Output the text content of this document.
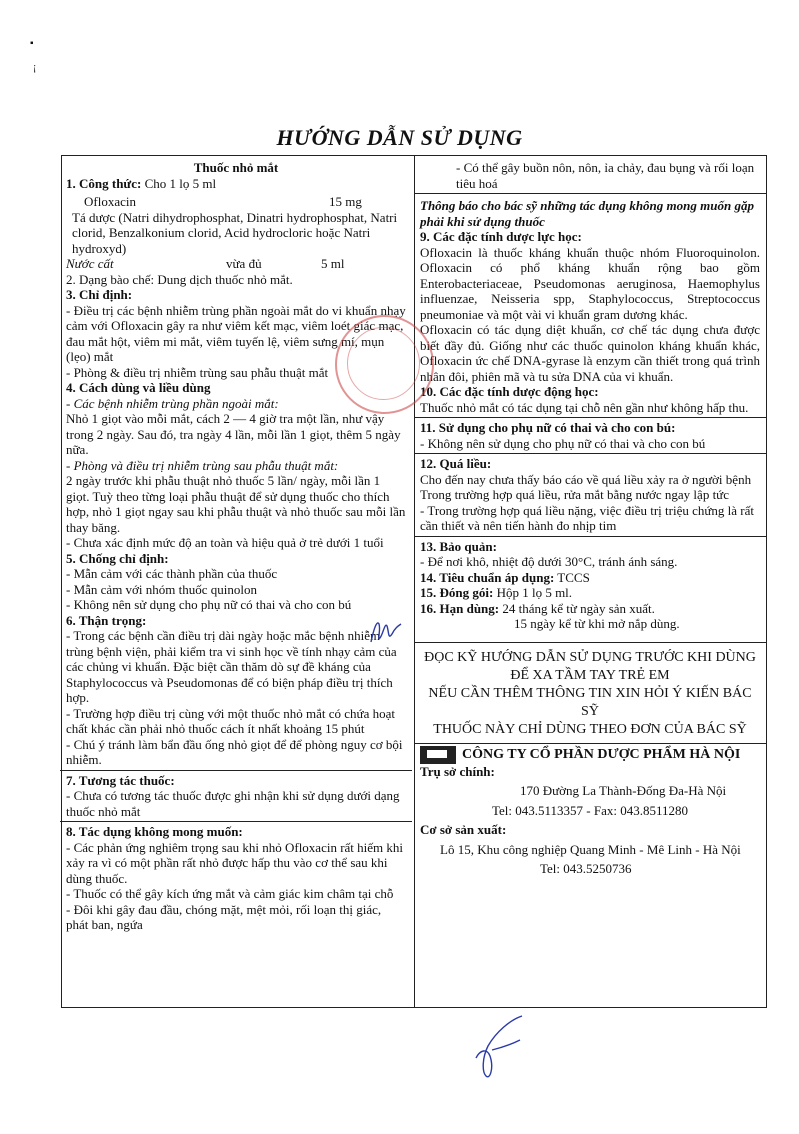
▪
¡
HƯỚNG DẪN SỬ DỤNG
Thuốc nhỏ mắt
1. Công thức: Cho 1 lọ 5 ml
Ofloxacin	15 mg

Tá dược (Natri dihydrophosphat, Dinatri hydrophosphat, Natri clorid, Benzalkonium clorid, Acid hydrocloric hoặc Natri hydroxyd)

Nước cất	vừa đủ	5 ml
2. Dạng bào chế: Dung dịch thuốc nhỏ mắt.
3. Chỉ định:

- Điều trị các bệnh nhiễm trùng phần ngoài mắt do vi khuẩn nhạy cảm với Ofloxacin gây ra như viêm kết mạc, viêm loét giác mạc, đau mắt hột, viêm mi mắt, viêm tuyến lệ, viêm sưng mí, mụn (lẹo) mắt

- Phòng & điều trị nhiễm trùng sau phẫu thuật mắt

4. Cách dùng và liều dùng
- Các bệnh nhiễm trùng phần ngoài mắt:

Nhỏ 1 giọt vào mỗi mắt, cách 2 — 4 giờ tra một lần, như vậy trong 2 ngày. Sau đó, tra ngày 4 lần, mỗi lần 1 giọt, thêm 5 ngày nữa.

- Phòng và điều trị nhiễm trùng sau phẫu thuật mắt:

2 ngày trước khi phẫu thuật nhỏ thuốc 5 lần/ ngày, mỗi lần 1 giọt. Tuỳ theo từng loại phẫu thuật để sử dụng thuốc cho thích hợp, nhỏ 1 giọt ngay sau khi phẫu thuật và nhỏ thuốc sau mỗi lần thay băng.

- Chưa xác định mức độ an toàn và hiệu quả ở trẻ dưới 1 tuổi

5. Chống chỉ định:

- Mẫn cảm với các thành phần của thuốc

- Mẫn cảm với nhóm thuốc quinolon

- Không nên sử dụng cho phụ nữ có thai và cho con bú

6. Thận trọng:

- Trong các bệnh cần điều trị dài ngày hoặc mắc bệnh nhiễm trùng bệnh viện, phải kiểm tra vi sinh học về tính nhạy cảm của các chủng vi khuẩn. Đặc biệt cần thăm dò sự đề kháng của Staphylococcus và Pseudomonas để có biện pháp điều trị thích hợp.

- Trường hợp điều trị cùng với một thuốc nhỏ mắt có chứa hoạt chất khác cần phải nhỏ thuốc cách ít nhất khoảng 15 phút

- Chú ý tránh làm bẩn đầu ống nhỏ giọt để để phòng nguy cơ bội nhiễm.

7. Tương tác thuốc:

- Chưa có tương tác thuốc được ghi nhận khi sử dụng dưới dạng thuốc nhỏ mắt

8. Tác dụng không mong muốn:

- Các phản ứng nghiêm trọng sau khi nhỏ Ofloxacin rất hiếm khi xảy ra vì có một phần rất nhỏ được hấp thu vào cơ thể sau khi dùng thuốc.

- Thuốc có thể gây kích ứng mắt và cảm giác kim châm tại chỗ

- Đôi khi gây đau đầu, chóng mặt, mệt mỏi, rối loạn thị giác, phát ban, ngứa

- Có thể gây buồn nôn, nôn, ỉa chảy, đau bụng và rối loạn tiêu hoá

Thông báo cho bác sỹ những tác dụng không mong muốn gặp phải khi sử dụng thuốc

9. Các đặc tính dược lực học:

Ofloxacin là thuốc kháng khuẩn thuộc nhóm Fluoroquinolon. Ofloxacin có phổ kháng khuẩn rộng bao gồm Enterobacteriaceae, Pseudomonas aeruginosa, Haemophylus influenzae, Neisseria spp, Staphylococcus, Streptococcus pneumoniae và một vài vi khuẩn gram dương khác.

Ofloxacin có tác dụng diệt khuẩn, cơ chế tác dụng chưa được biết đầy đủ. Giống như các thuốc quinolon kháng khuẩn khác, Ofloxacin ức chế DNA-gyrase là enzym cần thiết trong quá trình nhân đôi, phiên mã và tu sửa DNA của vi khuẩn.

10. Các đặc tính dược động học:

Thuốc nhỏ mắt có tác dụng tại chỗ nên gần như không hấp thu.

11. Sử dụng cho phụ nữ có thai và cho con bú:

- Không nên sử dụng cho phụ nữ có thai và cho con bú

12. Quá liều:

Cho đến nay chưa thấy báo cáo về quá liều xảy ra ở người bệnh

Trong trường hợp quá liều, rửa mắt bằng nước ngay lập tức

- Trong trường hợp quá liều nặng, việc điều trị triệu chứng là rất cần thiết và nên tiến hành đo nhịp tim

13. Bảo quản:

- Để nơi khô, nhiệt độ dưới 30°C, tránh ánh sáng.

14. Tiêu chuẩn áp dụng: TCCS
15. Đóng gói: Hộp 1 lọ 5 ml.
16. Hạn dùng: 24 tháng kể từ ngày sản xuất.
15 ngày kể từ khi mở nắp dùng.
ĐỌC KỸ HƯỚNG DẪN SỬ DỤNG TRƯỚC KHI DÙNG
ĐỂ XA TẦM TAY TRẺ EM
NẾU CẦN THÊM THÔNG TIN XIN HỎI Ý KIẾN BÁC SỸ
THUỐC NÀY CHỈ DÙNG THEO ĐƠN CỦA BÁC SỸ
CÔNG TY CỔ PHẦN DƯỢC PHẨM HÀ NỘI
Trụ sở chính:
170 Đường La Thành-Đống Đa-Hà Nội
Tel: 043.5113357 - Fax: 043.8511280
Cơ sở sản xuất:
Lô 15, Khu công nghiệp Quang Minh - Mê Linh - Hà Nội
Tel: 043.5250736
